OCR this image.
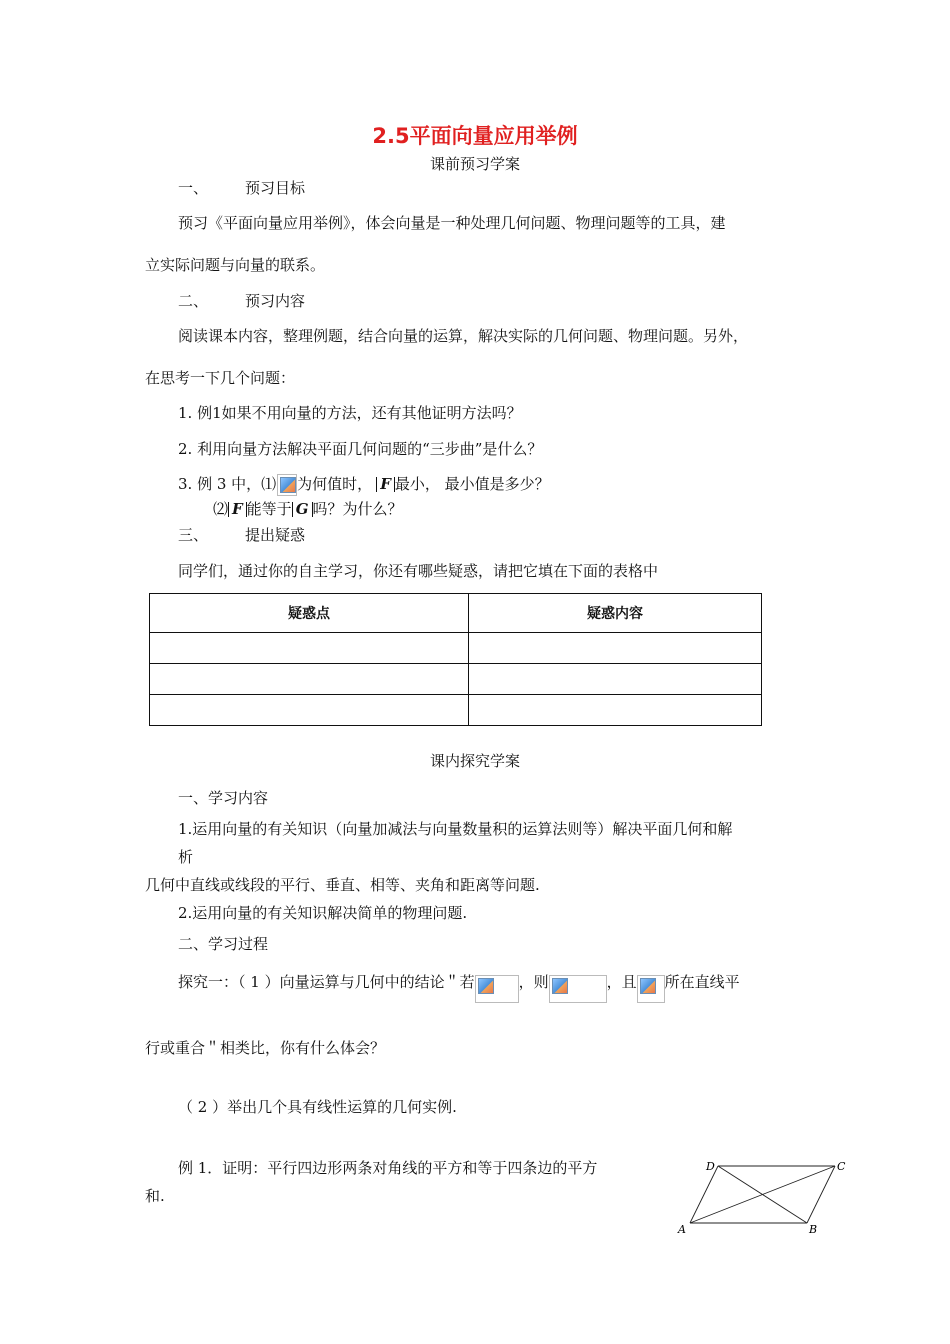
2.5平面向量应用举例
课前预习学案
一、 预习目标
预习《平面向量应用举例》，体会向量是一种处理几何问题、物理问题等的工具，建
立实际问题与向量的联系。
二、 预习内容
阅读课本内容，整理例题，结合向量的运算，解决实际的几何问题、物理问题。另外，
在思考一下几个问题：
1. 例1如果不用向量的方法，还有其他证明方法吗？
2. 利用向量方法解决平面几何问题的“三步曲”是什么？
3. 例 3 中，⑴ 为何值时， F 最小， 最小值是多少？
⑵ F 能等于 G 吗？为什么？
三、 提出疑惑
同学们，通过你的自主学习，你还有哪些疑惑，请把它填在下面的表格中
疑惑点	疑惑内容

课内探究学案
一、学习内容
1.运用向量的有关知识（向量加减法与向量数量积的运算法则等）解决平面几何和解
析
几何中直线或线段的平行、垂直、相等、夹角和距离等问题.
2.运用向量的有关知识解决简单的物理问题.
二、学习过程
探究一：（ 1 ）向量运算与几何中的结论＂若	，则	，且 所在直线平
行或重合＂相类比，你有什么体会？
（ 2 ）举出几个具有线性运算的几何实例.
例 1．证明：平行四边形两条对角线的平方和等于四条边的平方
和.
A	B
C
D
